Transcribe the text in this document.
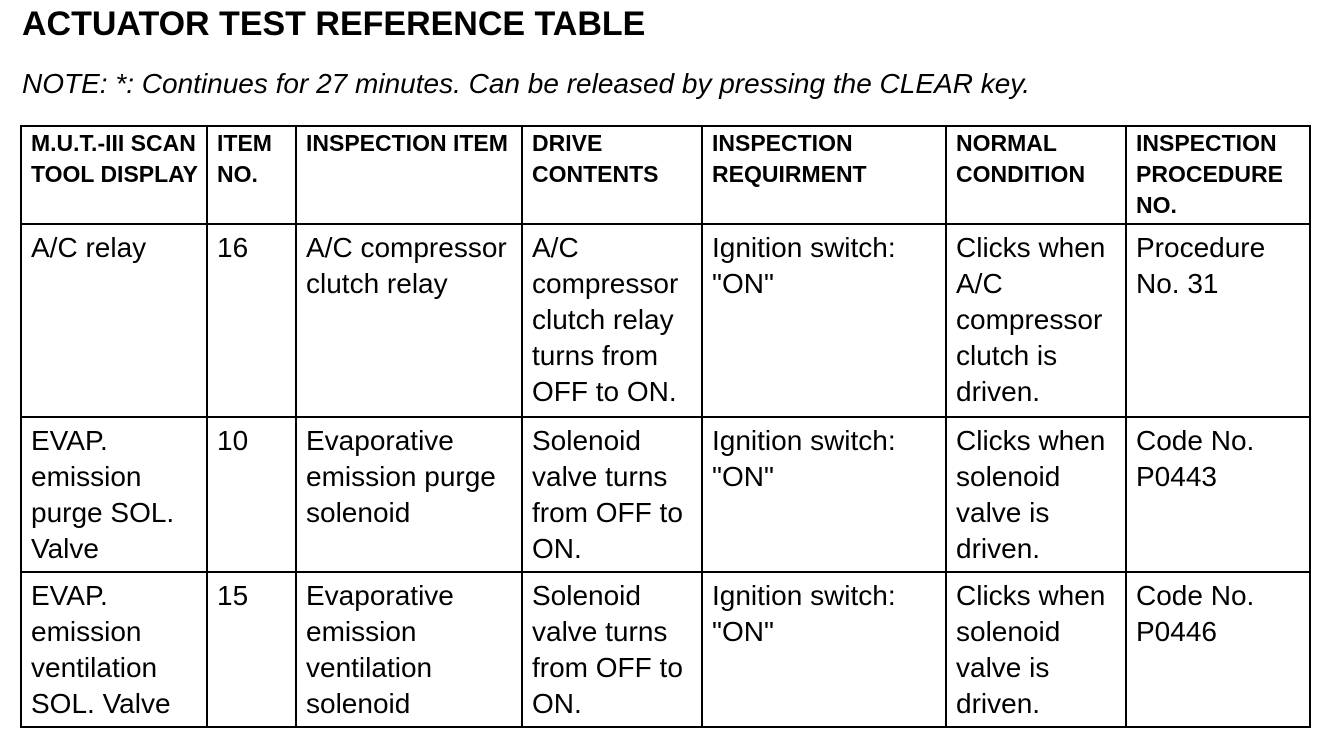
ACTUATOR TEST REFERENCE TABLE
NOTE: *: Continues for 27 minutes. Can be released by pressing the CLEAR key.
M.U.T.-III SCAN TOOL DISPLAY	ITEM NO.	INSPECTION ITEM	DRIVE CONTENTS	INSPECTION REQUIRMENT	NORMAL CONDITION	INSPECTION PROCEDURE NO.
A/C relay	16	A/C compressor clutch relay	A/C compressor clutch relay turns from OFF to ON.	Ignition switch: "ON"	Clicks when A/C compressor clutch is driven.	Procedure No. 31
EVAP. emission purge SOL. Valve	10	Evaporative emission purge solenoid	Solenoid valve turns from OFF to ON.	Ignition switch: "ON"	Clicks when solenoid valve is driven.	Code No. P0443
EVAP. emission ventilation SOL. Valve	15	Evaporative emission ventilation solenoid	Solenoid valve turns from OFF to ON.	Ignition switch: "ON"	Clicks when solenoid valve is driven.	Code No. P0446
